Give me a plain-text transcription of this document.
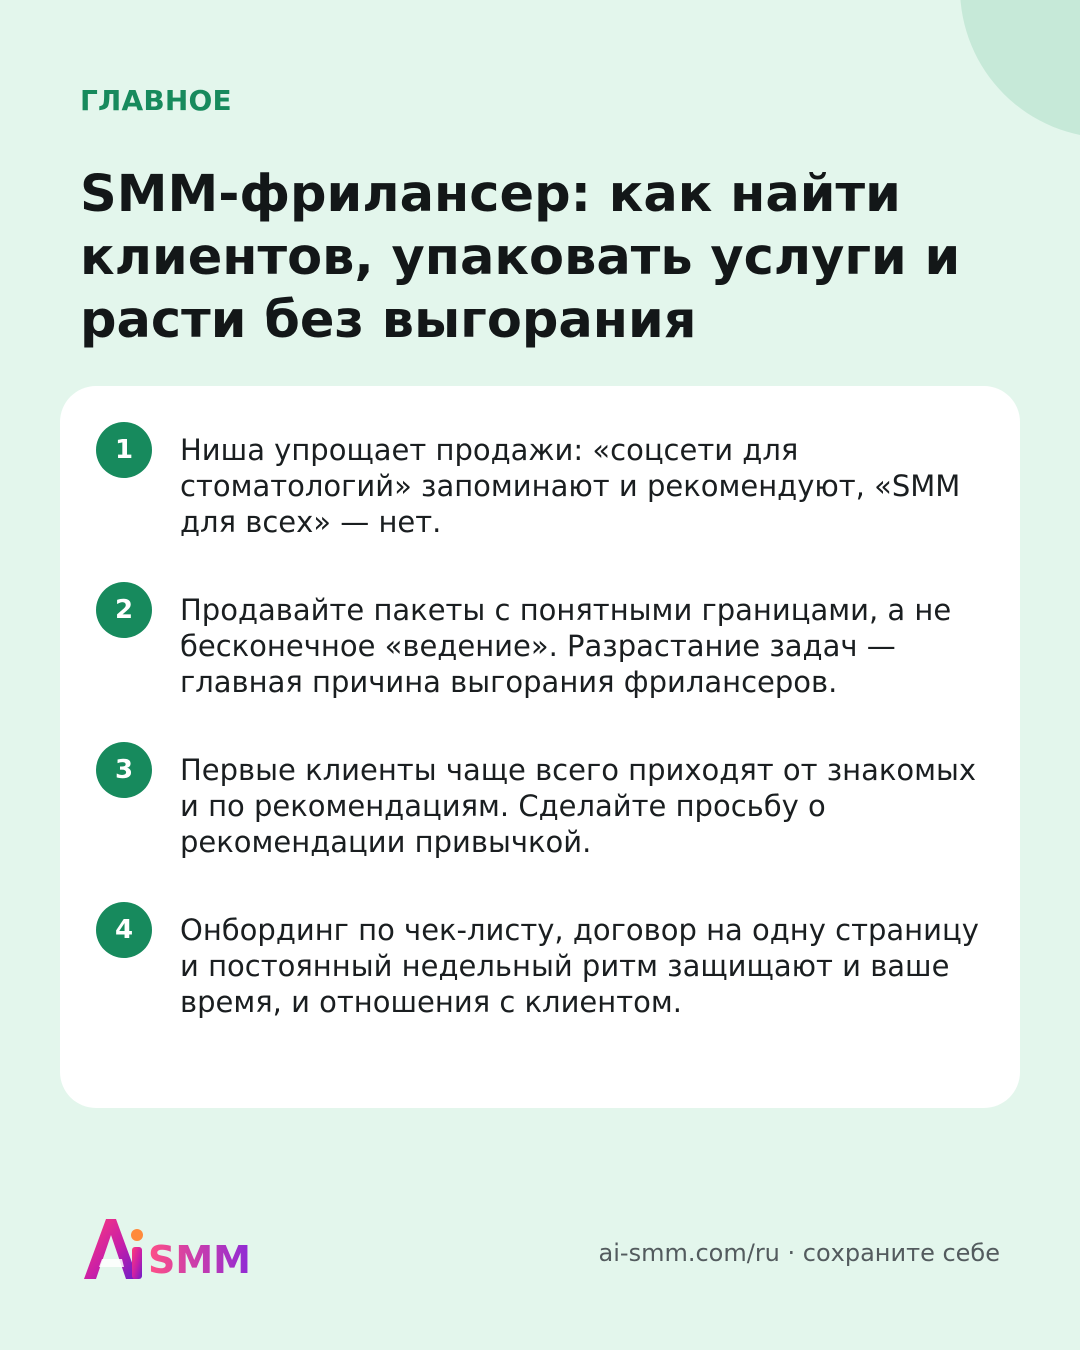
ГЛАВНОЕ
SMM-фрилансер: как найти клиентов, упаковать услуги и расти без выгорания
1	Ниша упрощает продажи: «соцсети для стоматологий» запоминают и рекомендуют, «SMM для всех» — нет.
2	Продавайте пакеты с понятными границами, а не бесконечное «ведение». Разрастание задач — главная причина выгорания фрилансеров.
3	Первые клиенты чаще всего приходят от знакомых и по рекомендациям. Сделайте просьбу о рекомендации привычкой.
4	Онбординг по чек-листу, договор на одну страницу и постоянный недельный ритм защищают и ваше время, и отношения с клиентом.
SMM	ai-smm.com/ru · сохраните себе
